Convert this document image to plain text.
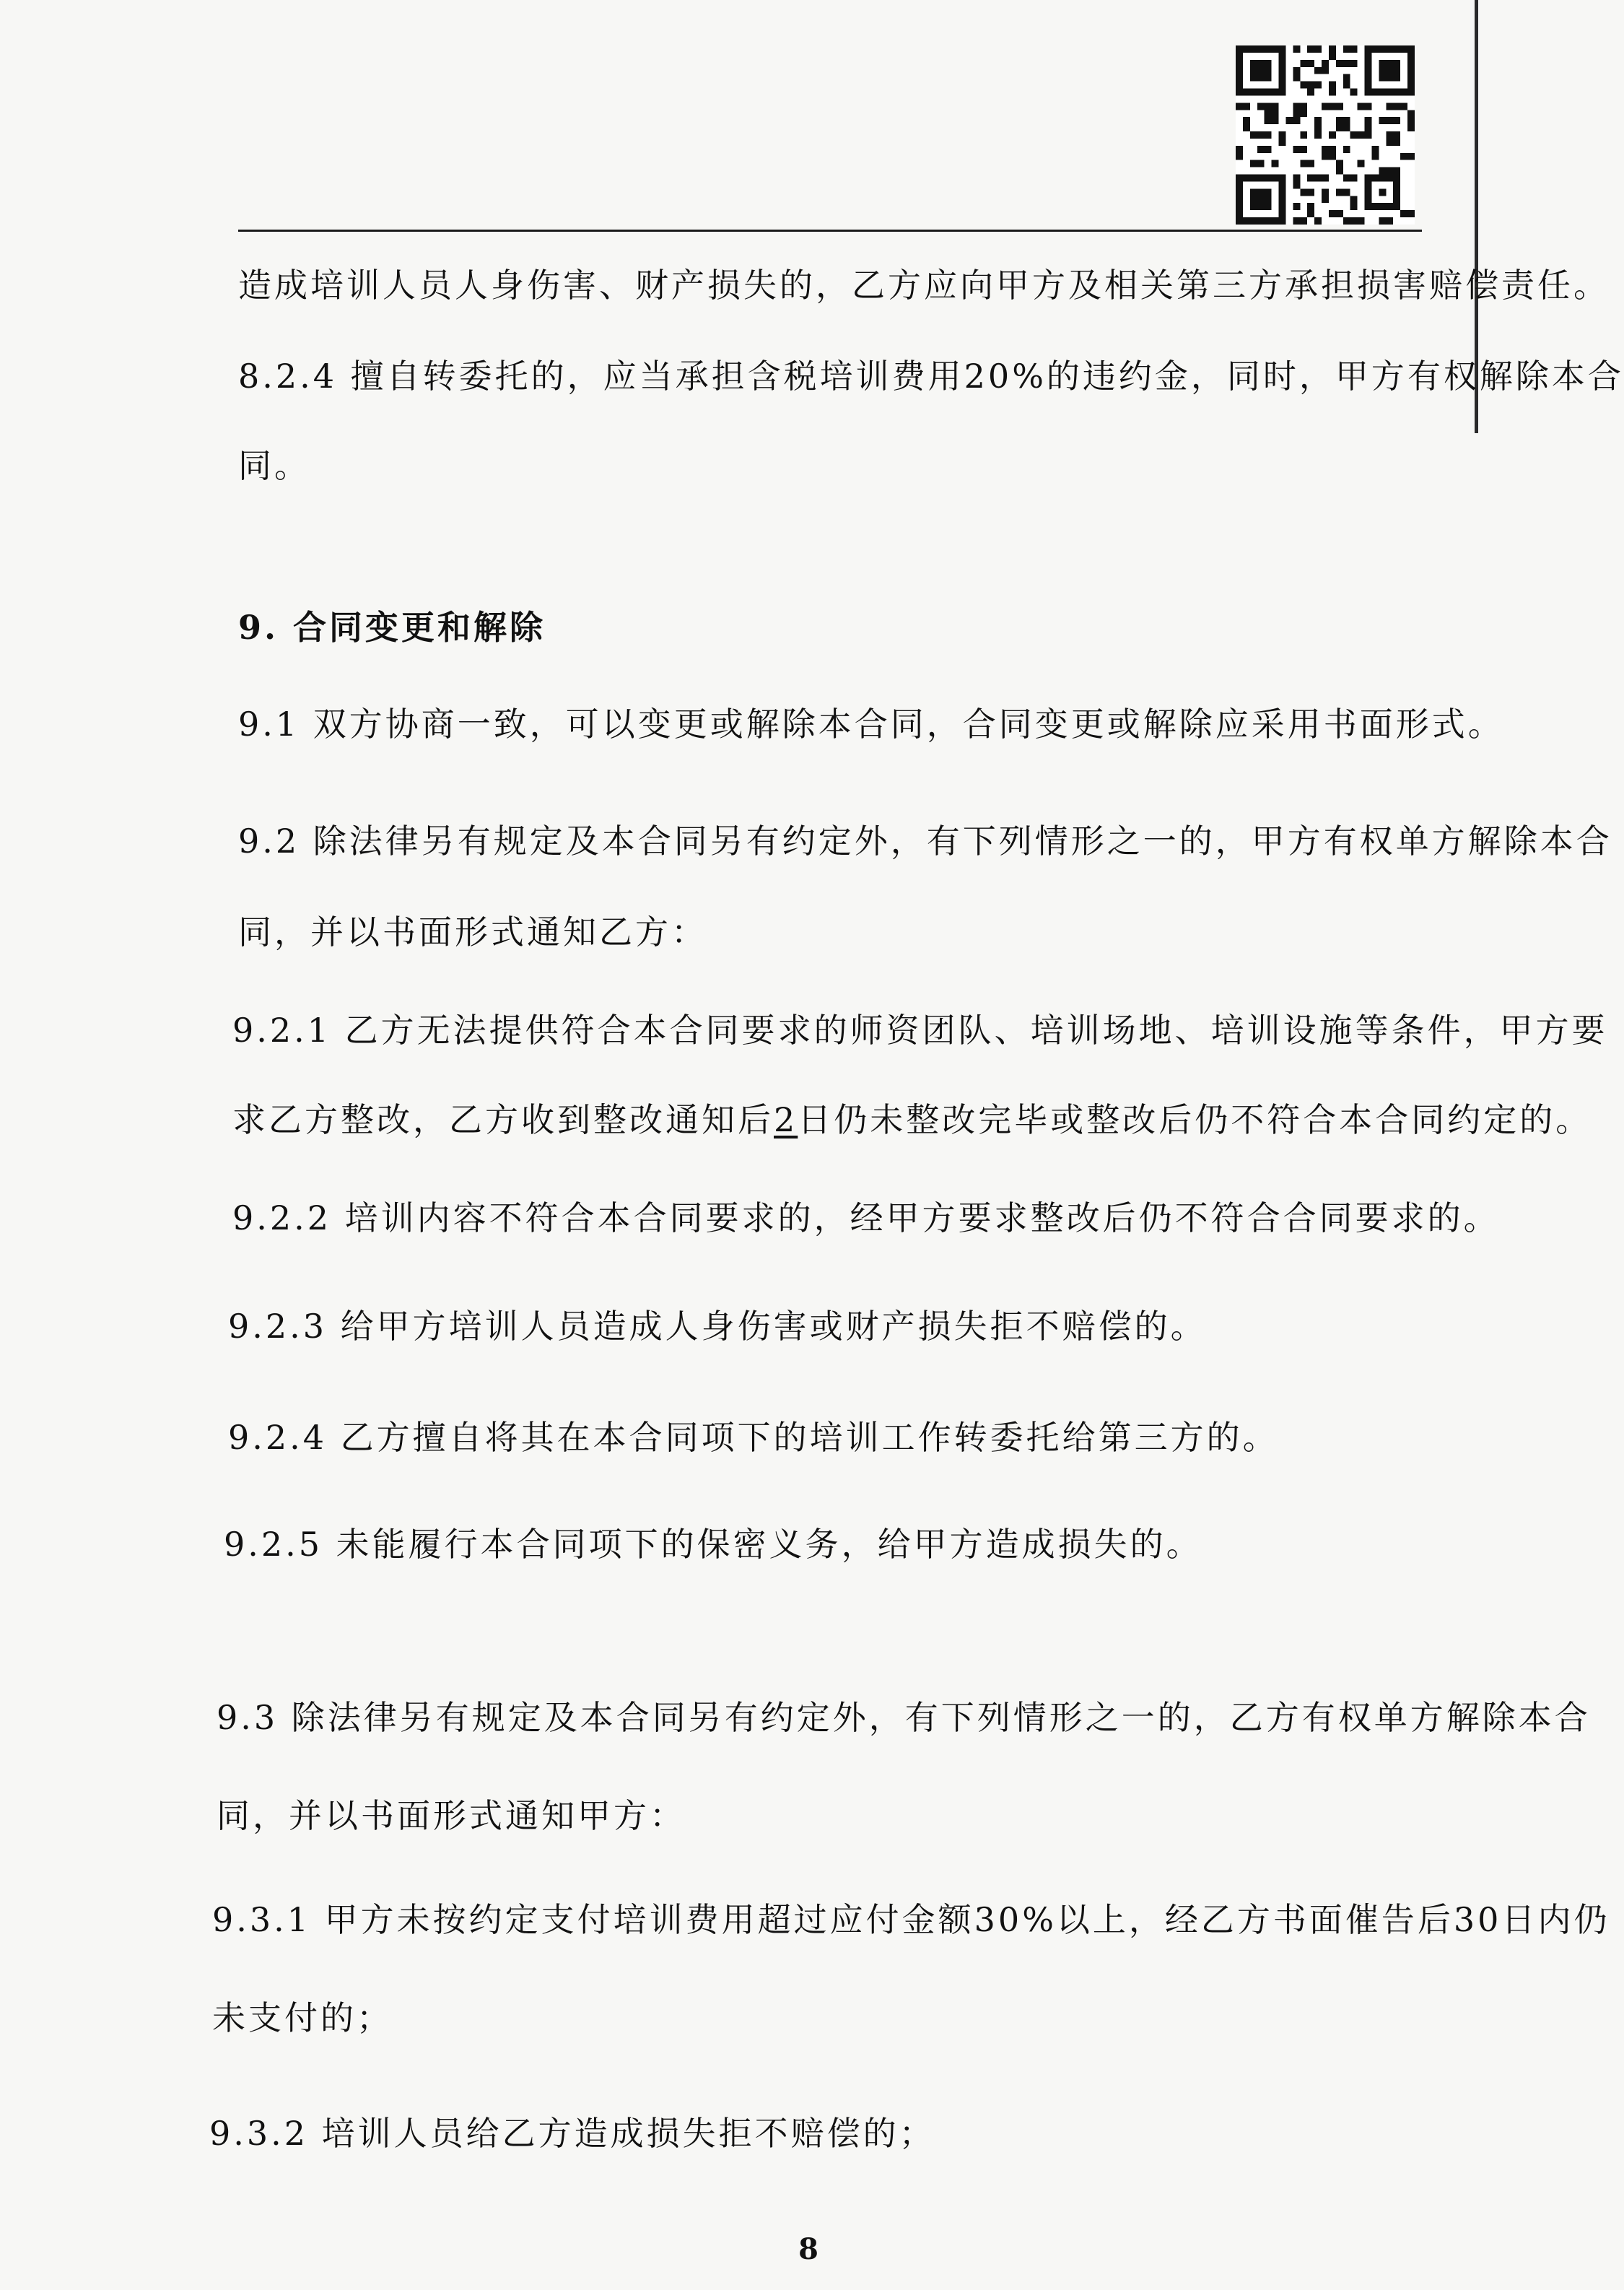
造成培训人员人身伤害、财产损失的，乙方应向甲方及相关第三方承担损害赔偿责任。

8.2.4 擅自转委托的，应当承担含税培训费用20%的违约金，同时，甲方有权解除本合

同。

9. 合同变更和解除

9.1 双方协商一致，可以变更或解除本合同，合同变更或解除应采用书面形式。

9.2 除法律另有规定及本合同另有约定外，有下列情形之一的，甲方有权单方解除本合

同，并以书面形式通知乙方：

9.2.1 乙方无法提供符合本合同要求的师资团队、培训场地、培训设施等条件，甲方要

求乙方整改，乙方收到整改通知后2日仍未整改完毕或整改后仍不符合本合同约定的。

9.2.2 培训内容不符合本合同要求的，经甲方要求整改后仍不符合合同要求的。

9.2.3 给甲方培训人员造成人身伤害或财产损失拒不赔偿的。

9.2.4 乙方擅自将其在本合同项下的培训工作转委托给第三方的。

9.2.5 未能履行本合同项下的保密义务，给甲方造成损失的。

9.3 除法律另有规定及本合同另有约定外，有下列情形之一的，乙方有权单方解除本合

同，并以书面形式通知甲方：

9.3.1 甲方未按约定支付培训费用超过应付金额30%以上，经乙方书面催告后30日内仍

未支付的；

9.3.2 培训人员给乙方造成损失拒不赔偿的；

8
